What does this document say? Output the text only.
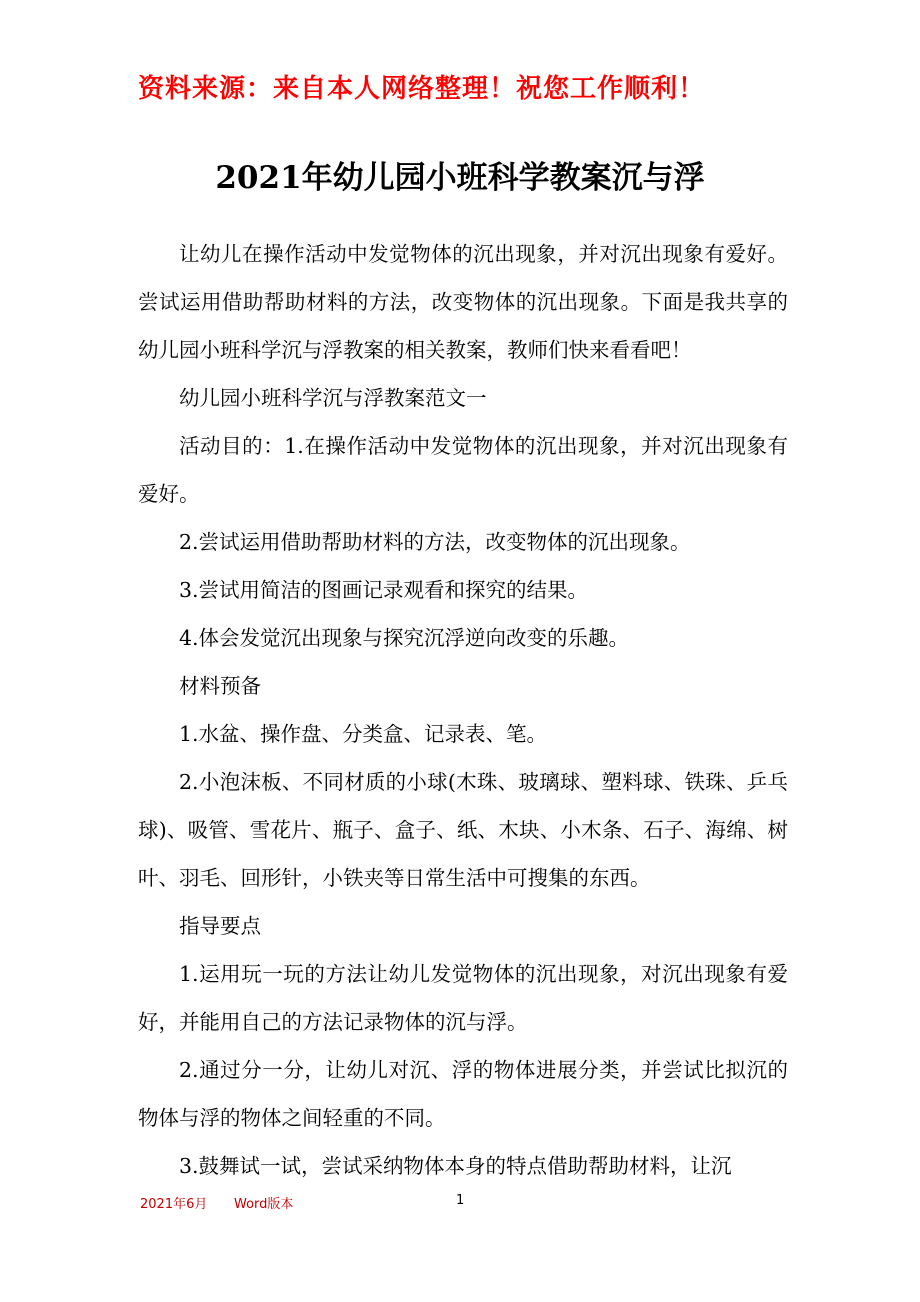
资料来源：来自本人网络整理！祝您工作顺利！
2021年幼儿园小班科学教案沉与浮

让幼儿在操作活动中发觉物体的沉出现象，并对沉出现象有爱好。尝试运用借助帮助材料的方法，改变物体的沉出现象。下面是我共享的幼儿园小班科学沉与浮教案的相关教案，教师们快来看看吧！

幼儿园小班科学沉与浮教案范文一

活动目的：1.在操作活动中发觉物体的沉出现象，并对沉出现象有爱好。

2.尝试运用借助帮助材料的方法，改变物体的沉出现象。

3.尝试用简洁的图画记录观看和探究的结果。

4.体会发觉沉出现象与探究沉浮逆向改变的乐趣。

材料预备

1.水盆、操作盘、分类盒、记录表、笔。

2.小泡沫板、不同材质的小球(木珠、玻璃球、塑料球、铁珠、乒乓球)、吸管、雪花片、瓶子、盒子、纸、木块、小木条、石子、海绵、树叶、羽毛、回形针，小铁夹等日常生活中可搜集的东西。

指导要点

1.运用玩一玩的方法让幼儿发觉物体的沉出现象，对沉出现象有爱好，并能用自己的方法记录物体的沉与浮。

2.通过分一分，让幼儿对沉、浮的物体进展分类，并尝试比拟沉的物体与浮的物体之间轻重的不同。

3.鼓舞试一试，尝试采纳物体本身的特点借助帮助材料，让沉

2021年6月 Word版本	1
